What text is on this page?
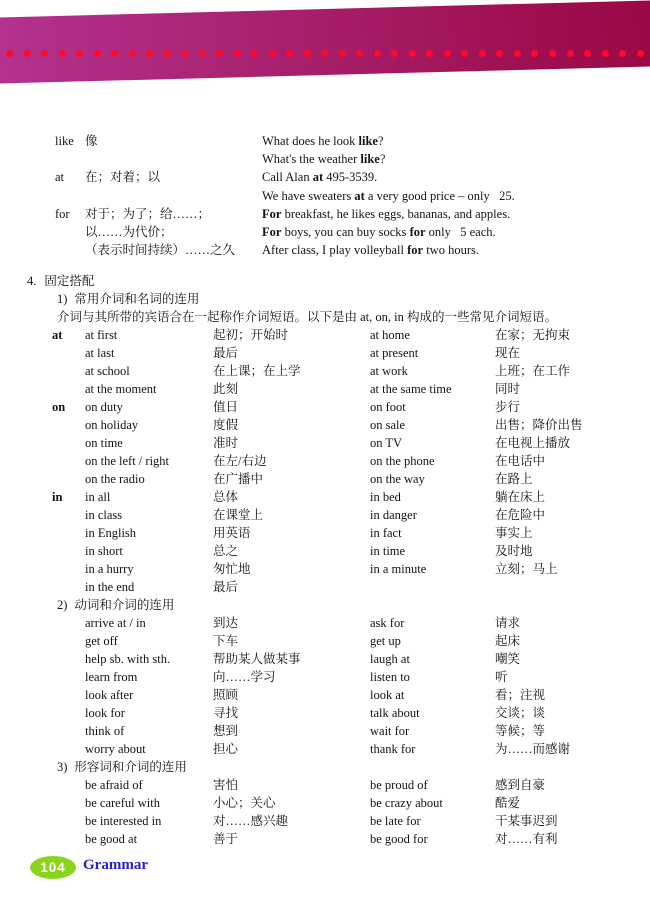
like 像	What does he look like?
What's the weather like?
at	在；对着；以	Call Alan at 495-3539.
We have sweaters at a very good price – only   25.
for	对于；为了；给……；	For breakfast, he likes eggs, bananas, and apples.
以……为代价；	For boys, you can buy socks for only   5 each.
（表示时间持续）……之久	After class, I play volleyball for two hours.
4. 固定搭配
1) 常用介词和名词的连用
介词与其所带的宾语合在一起称作介词短语。以下是由 at, on, in 构成的一些常见介词短语。
at	at first	起初；开始时	at home	在家；无拘束
at last	最后	at present	现在
at school	在上课；在上学	at work	上班；在工作
at the moment	此刻	at the same time	同时
on	on duty	值日	on foot	步行
on holiday	度假	on sale	出售；降价出售
on time	准时	on TV	在电视上播放
on the left / right	在左/右边	on the phone	在电话中
on the radio	在广播中	on the way	在路上
in	in all	总体	in bed	躺在床上
in class	在课堂上	in danger	在危险中
in English	用英语	in fact	事实上
in short	总之	in time	及时地
in a hurry	匆忙地	in a minute	立刻；马上
in the end	最后
2) 动词和介词的连用
arrive at / in	到达	ask for	请求
get off	下车	get up	起床
help sb. with sth.	帮助某人做某事	laugh at	嘲笑
learn from	向……学习	listen to	听
look after	照顾	look at	看；注视
look for	寻找	talk about	交谈；谈
think of	想到	wait for	等候；等
worry about	担心	thank for	为……而感谢
3) 形容词和介词的连用
be afraid of	害怕	be proud of	感到自豪
be careful with	小心；关心	be crazy about	酷爱
be interested in	对……感兴趣	be late for	干某事迟到
be good at	善于	be good for	对……有利
104	Grammar
